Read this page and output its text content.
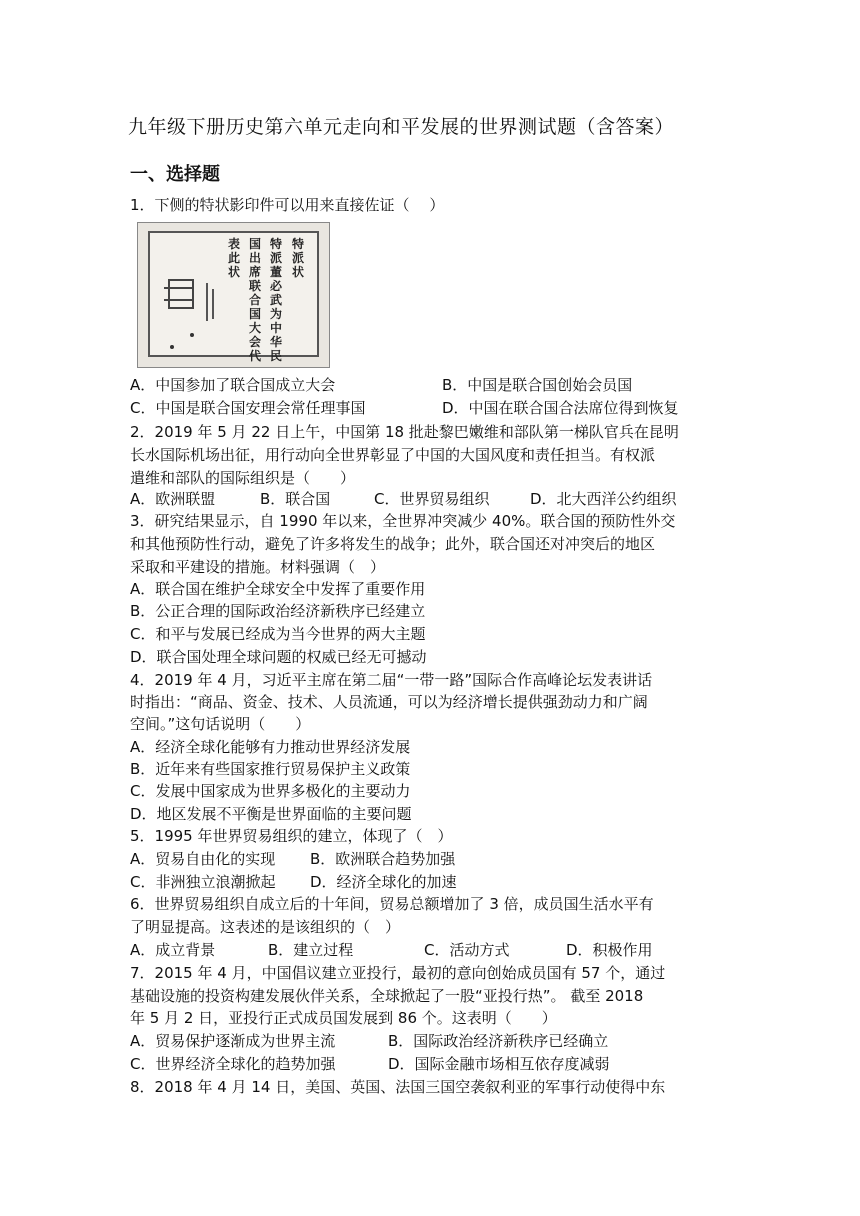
九年级下册历史第六单元走向和平发展的世界测试题（含答案）
一、选择题
1．下侧的特状影印件可以用来直接佐证（　 ）
特派状
特派董必武为中华民
国出席联合国大会代
表此状
A．中国参加了联合国成立大会	B．中国是联合国创始会员国
C．中国是联合国安理会常任理事国	D．中国在联合国合法席位得到恢复
2．2019 年 5 月 22 日上午，中国第 18 批赴黎巴嫩维和部队第一梯队官兵在昆明
长水国际机场出征，用行动向全世界彰显了中国的大国风度和责任担当。有权派
遣维和部队的国际组织是（　　）
A．欧洲联盟	B．联合国	C．世界贸易组织	D．北大西洋公约组织
3．研究结果显示，自 1990 年以来，全世界冲突减少 40%。联合国的预防性外交
和其他预防性行动，避免了许多将发生的战争；此外，联合国还对冲突后的地区
采取和平建设的措施。材料强调（　）
A．联合国在维护全球安全中发挥了重要作用
B．公正合理的国际政治经济新秩序已经建立
C．和平与发展已经成为当今世界的两大主题
D．联合国处理全球问题的权威已经无可撼动
4．2019 年 4 月，习近平主席在第二届“一带一路”国际合作高峰论坛发表讲话
时指出：“商品、资金、技术、人员流通，可以为经济增长提供强劲动力和广阔
空间。”这句话说明（　　）
A．经济全球化能够有力推动世界经济发展
B．近年来有些国家推行贸易保护主义政策
C．发展中国家成为世界多极化的主要动力
D．地区发展不平衡是世界面临的主要问题
5．1995 年世界贸易组织的建立，体现了（　）
A．贸易自由化的实现 B．欧洲联合趋势加强
C．非洲独立浪潮掀起 D．经济全球化的加速
6．世界贸易组织自成立后的十年间，贸易总额增加了 3 倍，成员国生活水平有
了明显提高。这表述的是该组织的（　）
A．成立背景	B．建立过程	C．活动方式	D．积极作用
7．2015 年 4 月，中国倡议建立亚投行，最初的意向创始成员国有 57 个，通过
基础设施的投资构建发展伙伴关系，全球掀起了一股“亚投行热”。 截至 2018
年 5 月 2 日，亚投行正式成员国发展到 86 个。这表明（　　）
A．贸易保护逐渐成为世界主流	B．国际政治经济新秩序已经确立
C．世界经济全球化的趋势加强	D．国际金融市场相互依存度减弱
8．2018 年 4 月 14 日，美国、英国、法国三国空袭叙利亚的军事行动使得中东
